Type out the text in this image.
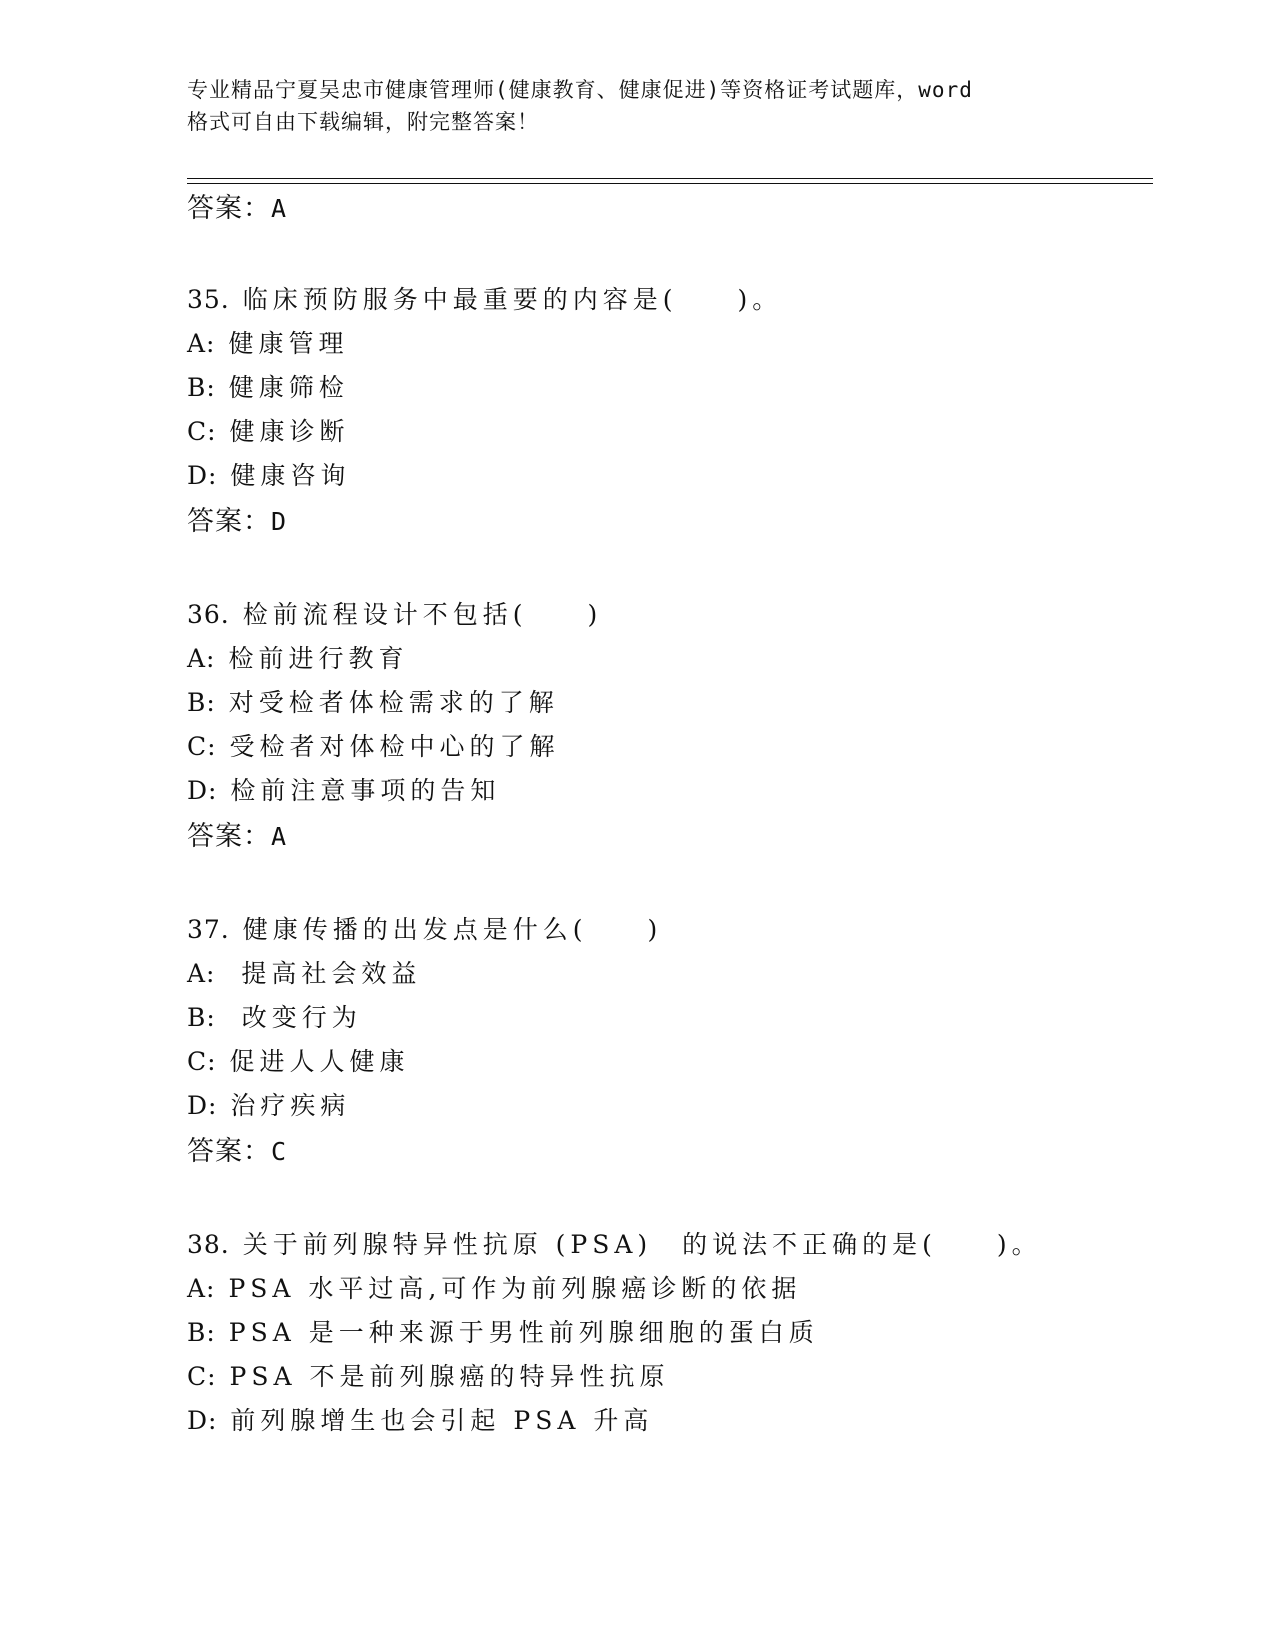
专业精品宁夏吴忠市健康管理师(健康教育、健康促进)等资格证考试题库，word
格式可自由下载编辑，附完整答案！
答案：A
35. 临床预防服务中最重要的内容是(　　)。
A: 健康管理
B: 健康筛检
C: 健康诊断
D: 健康咨询
答案：D
36. 检前流程设计不包括(　　)
A: 检前进行教育
B: 对受检者体检需求的了解
C: 受检者对体检中心的了解
D: 检前注意事项的告知
答案：A
37. 健康传播的出发点是什么(　　)
A:  提高社会效益
B:  改变行为
C: 促进人人健康
D: 治疗疾病
答案：C
38. 关于前列腺特异性抗原 (PSA)　的说法不正确的是(　　)。
A: PSA 水平过高,可作为前列腺癌诊断的依据
B: PSA 是一种来源于男性前列腺细胞的蛋白质
C: PSA 不是前列腺癌的特异性抗原
D: 前列腺增生也会引起 PSA 升高
